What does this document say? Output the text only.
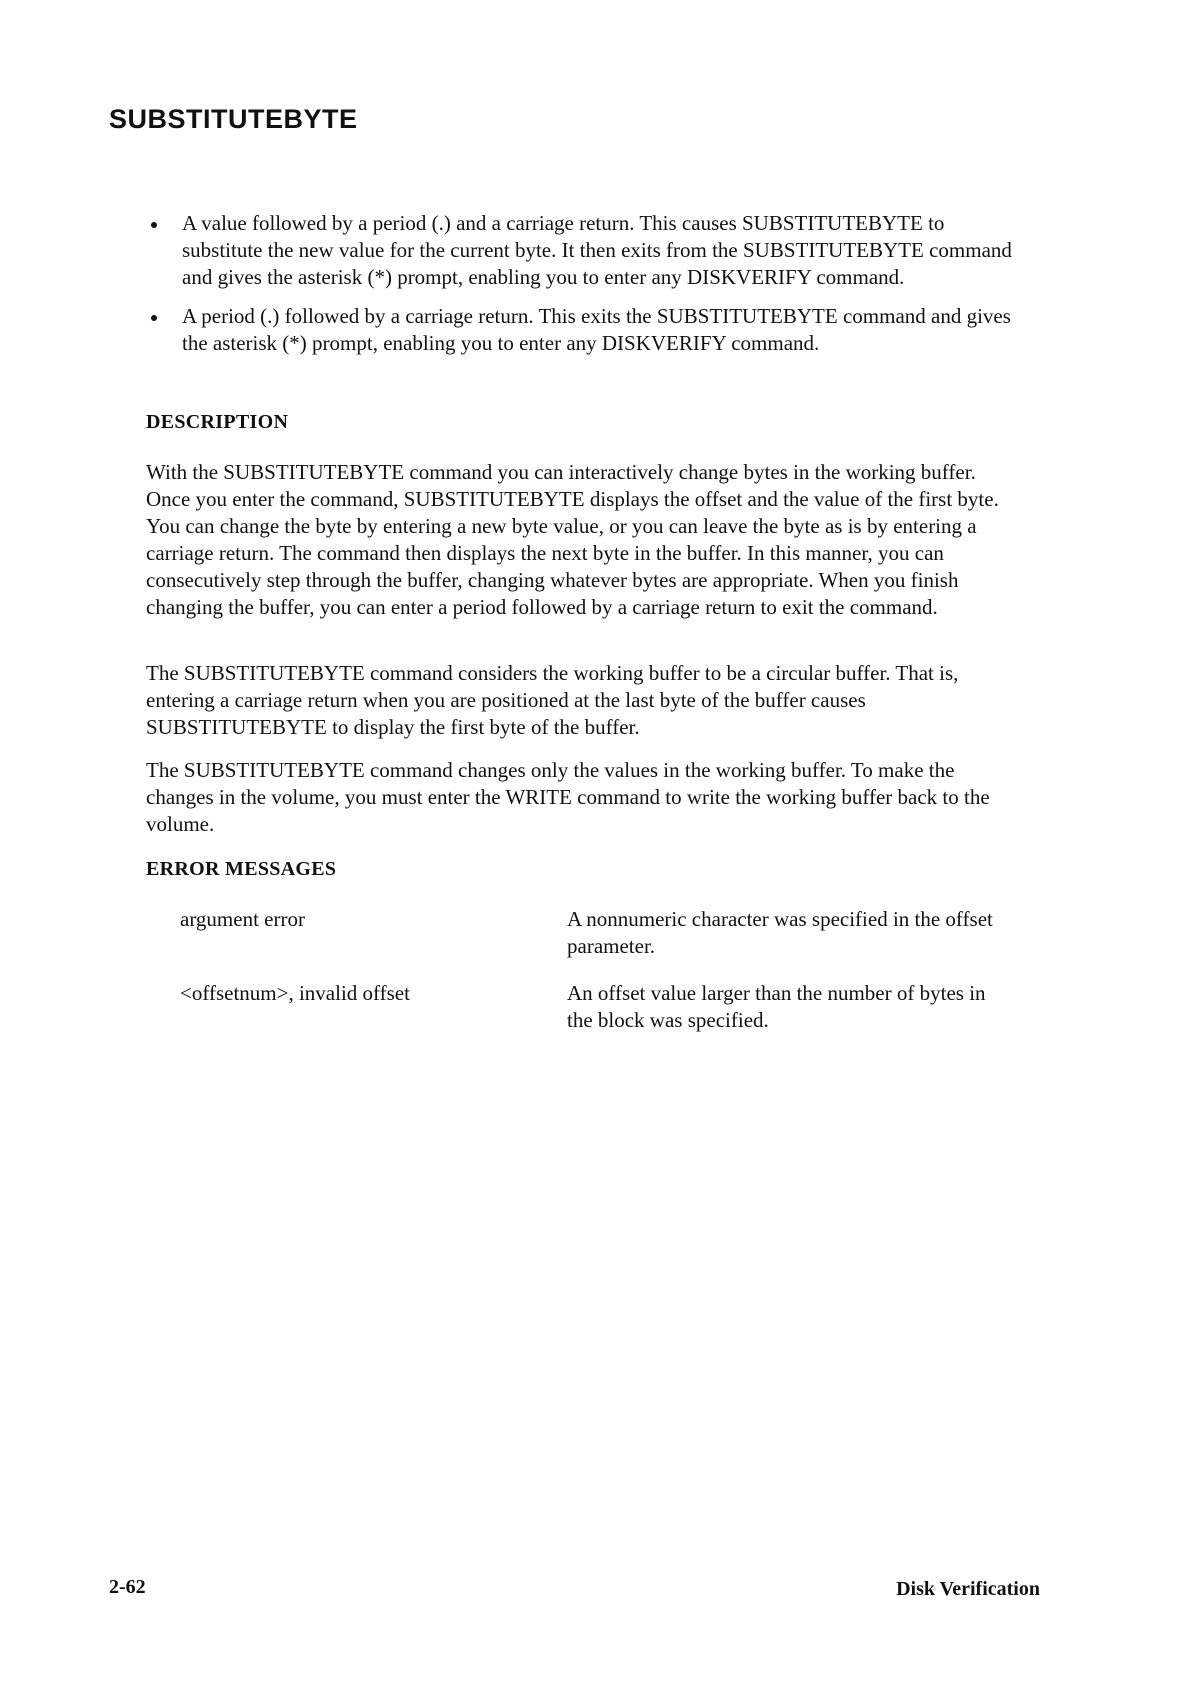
SUBSTITUTEBYTE
A value followed by a period (.) and a carriage return. This causes SUBSTITUTEBYTE to substitute the new value for the current byte. It then exits from the SUBSTITUTEBYTE command and gives the asterisk (*) prompt, enabling you to enter any DISKVERIFY command.
A period (.) followed by a carriage return. This exits the SUBSTITUTEBYTE command and gives the asterisk (*) prompt, enabling you to enter any DISKVERIFY command.
DESCRIPTION

With the SUBSTITUTEBYTE command you can interactively change bytes in the working buffer. Once you enter the command, SUBSTITUTEBYTE displays the offset and the value of the first byte. You can change the byte by entering a new byte value, or you can leave the byte as is by entering a carriage return. The command then displays the next byte in the buffer. In this manner, you can consecutively step through the buffer, changing whatever bytes are appropriate. When you finish changing the buffer, you can enter a period followed by a carriage return to exit the command.

The SUBSTITUTEBYTE command considers the working buffer to be a circular buffer. That is, entering a carriage return when you are positioned at the last byte of the buffer causes SUBSTITUTEBYTE to display the first byte of the buffer.

The SUBSTITUTEBYTE command changes only the values in the working buffer. To make the changes in the volume, you must enter the WRITE command to write the working buffer back to the volume.

ERROR MESSAGES

argument error	A nonnumeric character was specified in the offset parameter.

<offsetnum>, invalid offset	An offset value larger than the number of bytes in the block was specified.

2-62	Disk Verification
